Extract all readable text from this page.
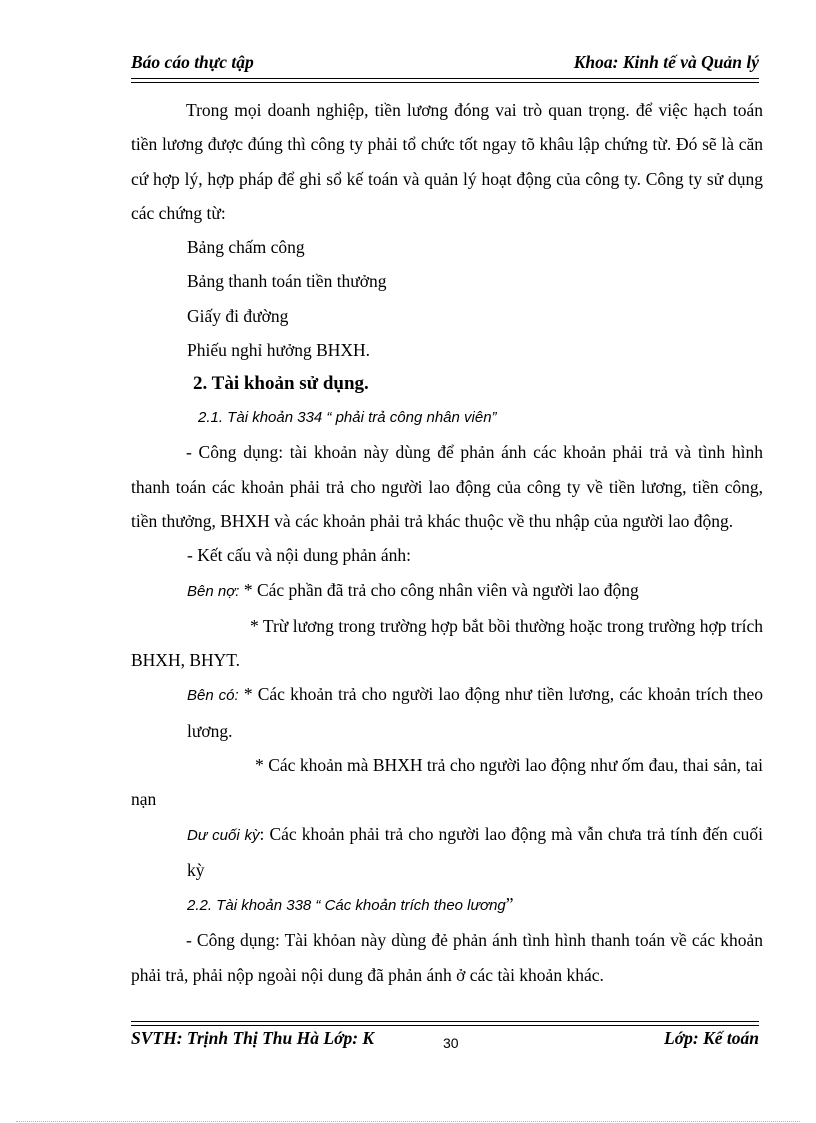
Báo cáo thực tập	Khoa: Kinh tế và Quản lý

Trong mọi doanh nghiệp, tiền lương đóng vai trò quan trọng. để việc hạch toán tiền lương được đúng thì công ty phải tổ chức tốt ngay tõ khâu lập chứng từ. Đó sẽ là căn cứ hợp lý, hợp pháp để ghi sổ kế toán và quản lý hoạt động của công ty. Công ty sử dụng các chứng từ:

Bảng chấm công

Bảng thanh toán tiền thưởng

Giấy đi đường

Phiếu nghỉ hưởng BHXH.

2. Tài khoản sử dụng.

2.1. Tài khoản 334 “ phải trả công nhân viên”

- Công dụng: tài khoản này dùng để phản ánh các khoản phải trả và tình hình thanh toán các khoản phải trả cho người lao động của công ty về tiền lương, tiền công, tiền thưởng, BHXH và các khoản phải trả khác thuộc về thu nhập của người lao động.

- Kết cấu và nội dung phản ánh:

Bên nợ: * Các phần đã trả cho công nhân viên và người lao động

* Trừ lương trong trường hợp bắt bồi thường hoặc trong trường hợp trích BHXH, BHYT.

Bên có: * Các khoản trả cho người lao động như tiền lương, các khoản trích theo lương.

* Các khoản mà BHXH trả cho người lao động như ốm đau, thai sản, tai nạn

Dư cuối kỳ: Các khoản phải trả cho người lao động mà vẫn chưa trả tính đến cuối kỳ

2.2. Tài khoản 338 “ Các khoản trích theo lương”

- Công dụng: Tài khỏan này dùng đẻ phản ánh tình hình thanh toán về các khoản phải trả, phải nộp ngoài nội dung đã phản ánh ở các tài khoản khác.

SVTH: Trịnh Thị Thu Hà Lớp: K	30	Lớp: Kế toán
